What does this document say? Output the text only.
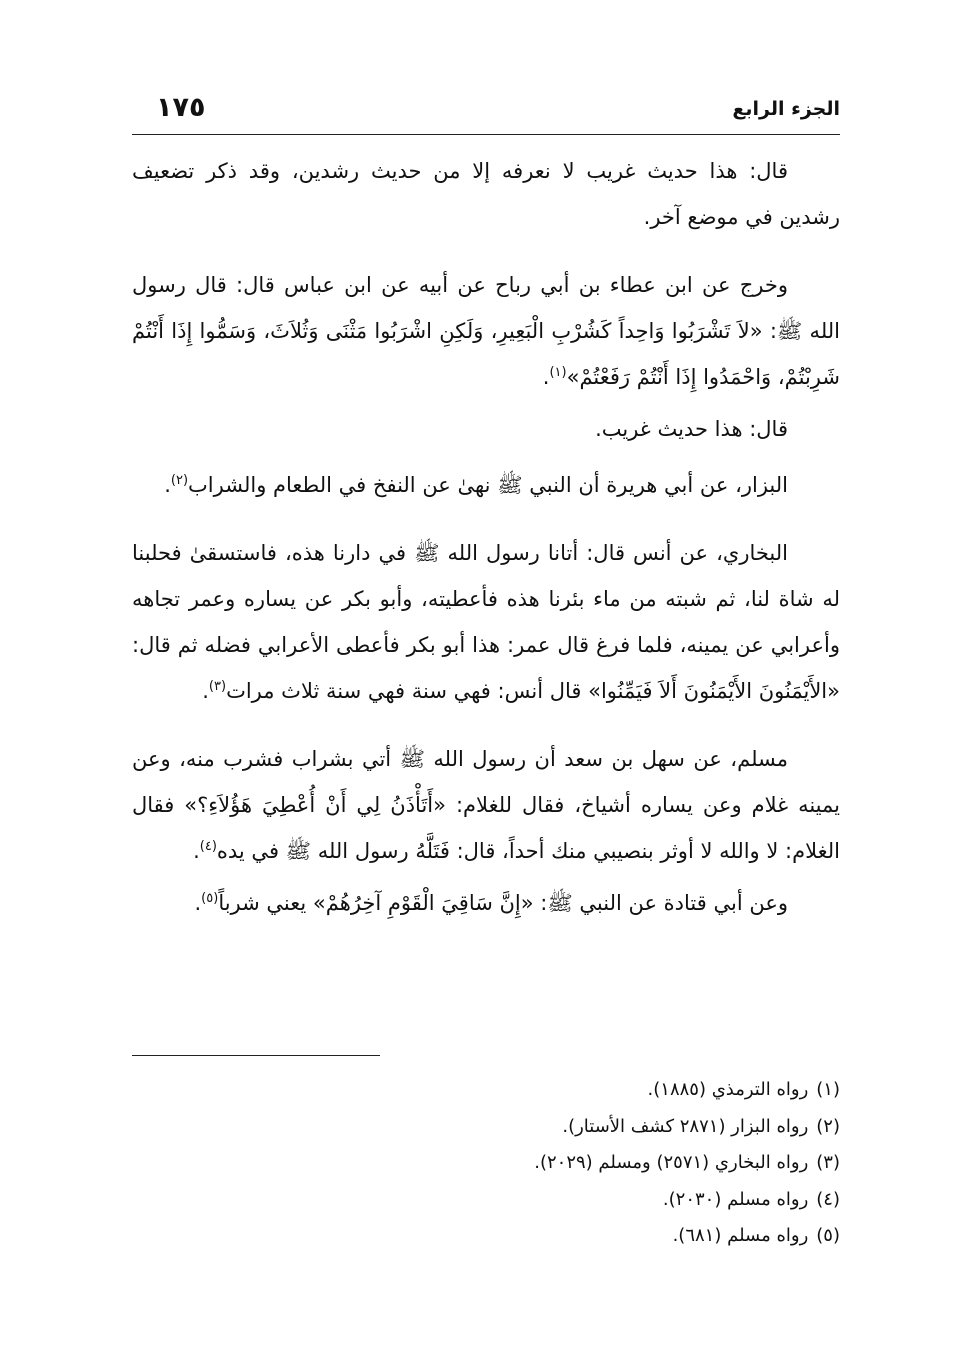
الجزء الرابع
١٧٥

قال: هذا حديث غريب لا نعرفه إلا من حديث رشدين، وقد ذكر تضعيف رشدين في موضع آخر.

وخرج عن ابن عطاء بن أبي رباح عن أبيه عن ابن عباس قال: قال رسول الله ﷺ: «لاَ تَشْرَبُوا وَاحِداً كَشُرْبِ الْبَعِيرِ، وَلَكِنِ اشْرَبُوا مَثْنَى وَثُلاَثَ، وَسَمُّوا إِذَا أَنْتُمْ شَرِبْتُمْ، وَاحْمَدُوا إِذَا أَنْتُمْ رَفَعْتُمْ»$^{(١)}$.

قال: هذا حديث غريب.

البزار، عن أبي هريرة أن النبي ﷺ نهىٰ عن النفخ في الطعام والشراب$^{(٢)}$.

البخاري، عن أنس قال: أتانا رسول الله ﷺ في دارنا هذه، فاستسقىٰ فحلبنا له شاة لنا، ثم شبته من ماء بئرنا هذه فأعطيته، وأبو بكر عن يساره وعمر تجاهه وأعرابي عن يمينه، فلما فرغ قال عمر: هذا أبو بكر فأعطى الأعرابي فضله ثم قال: «الأَيْمَنُونَ الأَيْمَنُونَ أَلاَ فَيَمِّنُوا» قال أنس: فهي سنة فهي سنة ثلاث مرات$^{(٣)}$.

مسلم، عن سهل بن سعد أن رسول الله ﷺ أتي بشراب فشرب منه، وعن يمينه غلام وعن يساره أشياخ، فقال للغلام: «أَتَأْذَنُ لِي أَنْ أُعْطِيَ هَؤُلاَءِ؟» فقال الغلام: لا والله لا أوثر بنصيبي منك أحداً، قال: فَتَلَّهُ رسول الله ﷺ في يده$^{(٤)}$.

وعن أبي قتادة عن النبي ﷺ: «إِنَّ سَاقِيَ الْقَوْمِ آخِرُهُمْ» يعني شرباً$^{(٥)}$.

(١)رواه الترمذي (١٨٨٥).
(٢)رواه البزار (٢٨٧١ كشف الأستار).
(٣)رواه البخاري (٢٥٧١) ومسلم (٢٠٢٩).
(٤)رواه مسلم (٢٠٣٠).
(٥)رواه مسلم (٦٨١).
